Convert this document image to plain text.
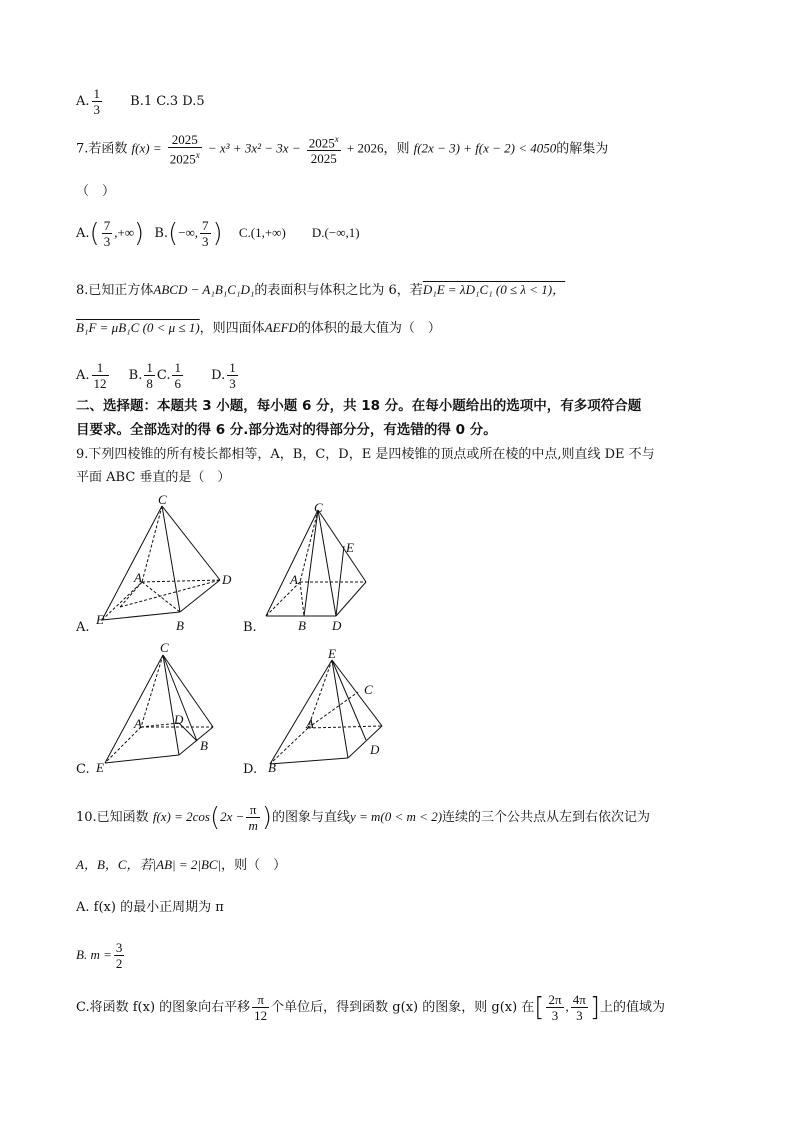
A. $\frac{1}{3} B.1$ C.3 D.5
7.若函数 $f(x) = \frac{2025}{2025^x} - x^3 + 3x^2 - 3x - \frac{2025^x}{2025} + 2026$，则 f(2x − 3) + f(x − 2) < 4050的解集为
（　）
$A.( \frac{7}{3}$ ,+∞) B.(−∞, $\frac{7}{3}$ ) C.(1,+∞) D.(−∞,1)
8.已知正方体ABCD − A₁B₁C₁D₁的表面积与体积之比为 6，若D₁E = λD₁C₁ (0 ≤ λ < 1)，
B₁F = μB₁C (0 < μ ≤ 1)，则四面体AEFD的体积的最大值为（　）
A. $\frac{1}{12} B$. $\frac{1}{8} C$. $\frac{1}{6} D$. $\frac{1}{3}$
二、选择题：本题共 3 小题，每小题 6 分，共 18 分。在每小题给出的选项中，有多项符合题
目要求。全部选对的得 6 分.部分选对的得部分分，有选错的得 0 分。
9.下列四棱锥的所有棱长都相等，A，B，C，D，E 是四棱锥的顶点或所在棱的中点,则直线 DE 不与
平面 ABC 垂直的是（　）
C
A	D
E	B
A.
C
E
A
B D
B.
C
A D
B
E
C.
E
C
A
D
B
D.
10.已知函数 $f(x) = 2\cos(2x - \frac{\pi}{m}$ )的图象与直线y = m(0 < m < 2)连续的三个公共点从左到右依次记为
A，B，C，若|AB| = 2|BC|，则（　）
A. f(x) 的最小正周期为 π
B. $m = \frac{3}{2}$
C.将函数 f(x) 的图象向右平移 $\frac{\pi}{12}$ 个单位后，得到函数 g(x) 的图象，则 g(x) 在[ $\frac{2\pi}{3}$ , $\frac{4\pi}{3}$ ]上的值域为
